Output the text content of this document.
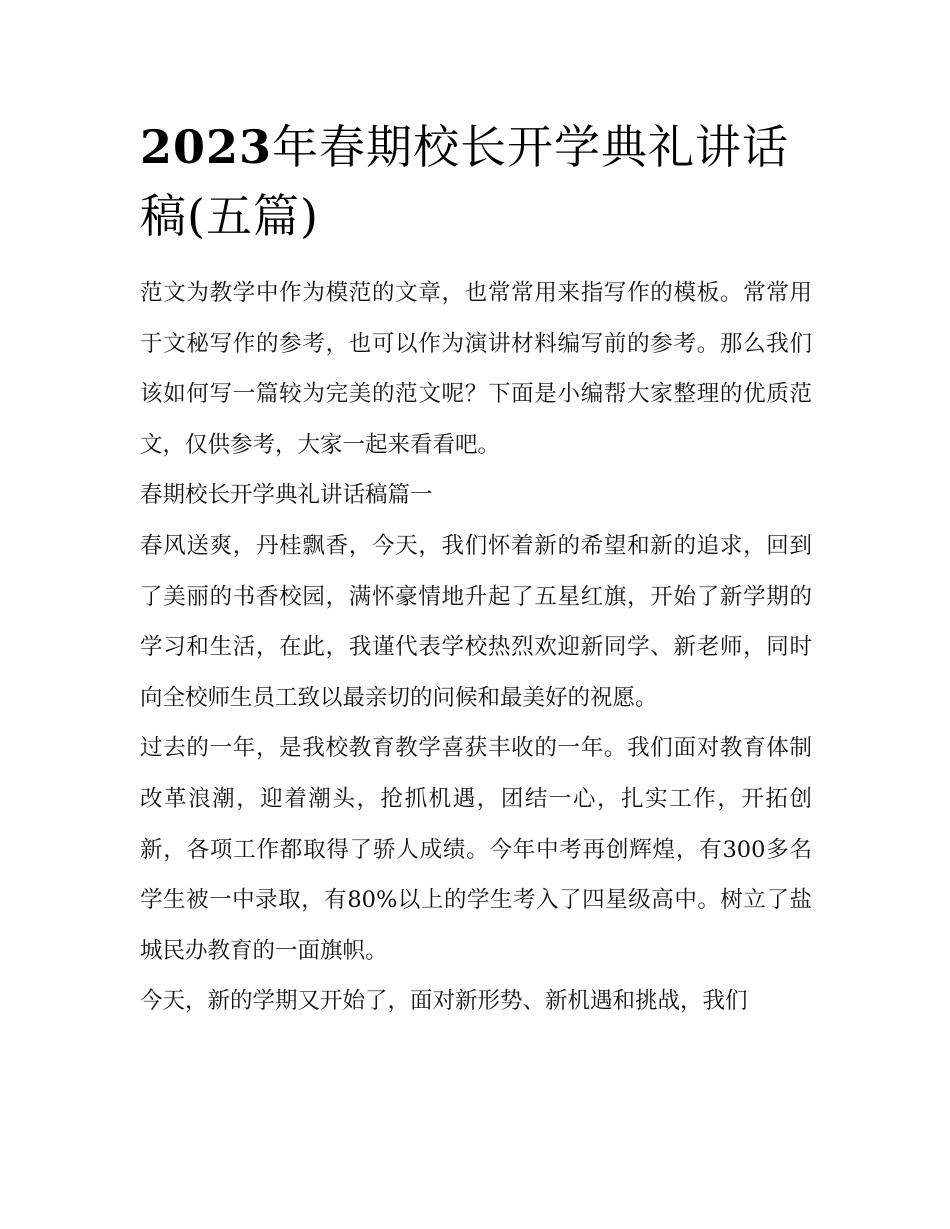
2023年春期校长开学典礼讲话稿(五篇)

范文为教学中作为模范的文章，也常常用来指写作的模板。常常用于文秘写作的参考，也可以作为演讲材料编写前的参考。那么我们该如何写一篇较为完美的范文呢？下面是小编帮大家整理的优质范文，仅供参考，大家一起来看看吧。

春期校长开学典礼讲话稿篇一

春风送爽，丹桂飘香，今天，我们怀着新的希望和新的追求，回到了美丽的书香校园，满怀豪情地升起了五星红旗，开始了新学期的学习和生活，在此，我谨代表学校热烈欢迎新同学、新老师，同时向全校师生员工致以最亲切的问候和最美好的祝愿。

过去的一年，是我校教育教学喜获丰收的一年。我们面对教育体制改革浪潮，迎着潮头，抢抓机遇，团结一心，扎实工作，开拓创新，各项工作都取得了骄人成绩。今年中考再创辉煌，有300多名学生被一中录取，有80%以上的学生考入了四星级高中。树立了盐城民办教育的一面旗帜。

今天，新的学期又开始了，面对新形势、新机遇和挑战，我们
